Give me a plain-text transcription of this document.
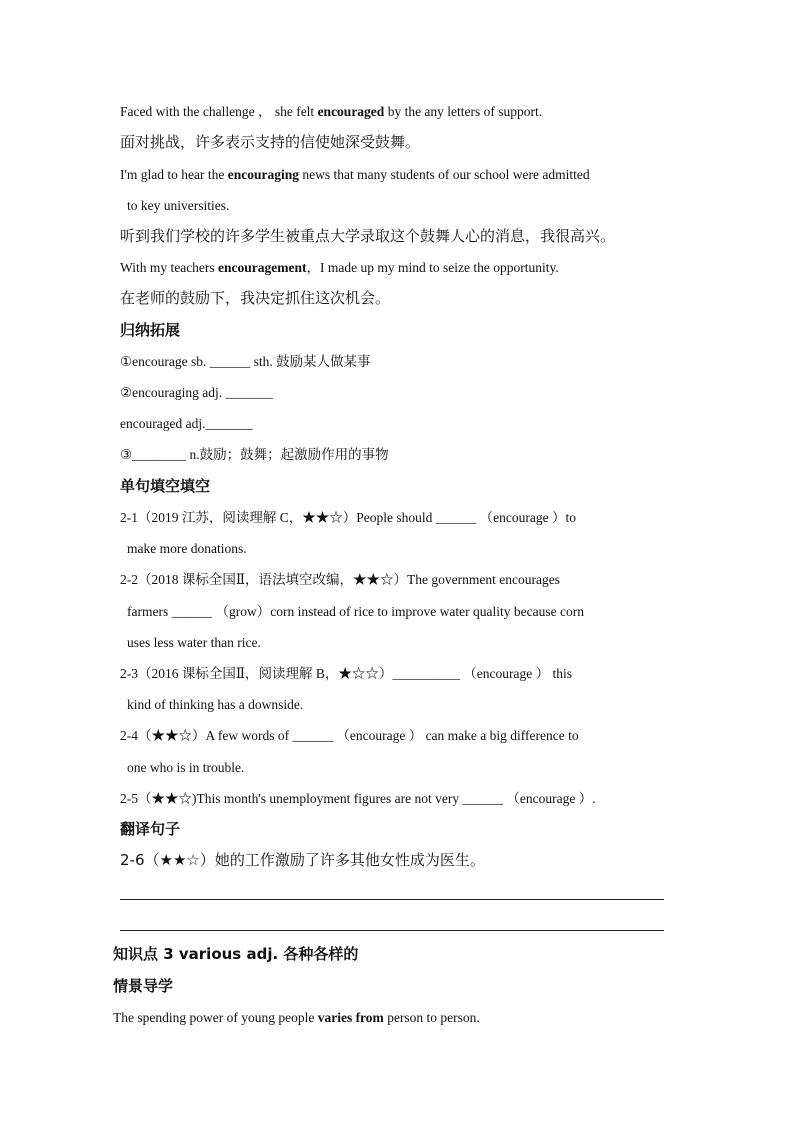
Faced with the challenge ， she felt encouraged by the any letters of support.
面对挑战，许多表示支持的信使她深受鼓舞。
I'm glad to hear the encouraging news that many students of our school were admitted
to key universities.
听到我们学校的许多学生被重点大学录取这个鼓舞人心的消息，我很高兴。
With my teachers encouragement，I made up my mind to seize the opportunity.
在老师的鼓励下，我决定抓住这次机会。
归纳拓展
①encourage sb. ______ sth. 鼓励某人做某事
②encouraging adj. _______
encouraged adj._______
③________ n.鼓励；鼓舞；起激励作用的事物
单句填空填空
2-1（2019 江苏，阅读理解 C，★★☆）People should ______ （encourage ）to
make more donations.
2-2（2018 课标全国Ⅱ，语法填空改编，★★☆）The government encourages
farmers ______ （grow）corn instead of rice to improve water quality because corn
uses less water than rice.
2-3（2016 课标全国Ⅱ，阅读理解 B，★☆☆）__________ （encourage ） this
kind of thinking has a downside.
2-4（★★☆）A few words of ______ （encourage ） can make a big difference to
one who is in trouble.
2-5（★★☆)This month's unemployment figures are not very ______ （encourage ）.
翻译句子
2-6（★★☆）她的工作激励了许多其他女性成为医生。
知识点 3 various adj. 各种各样的
情景导学
The spending power of young people varies from person to person.
